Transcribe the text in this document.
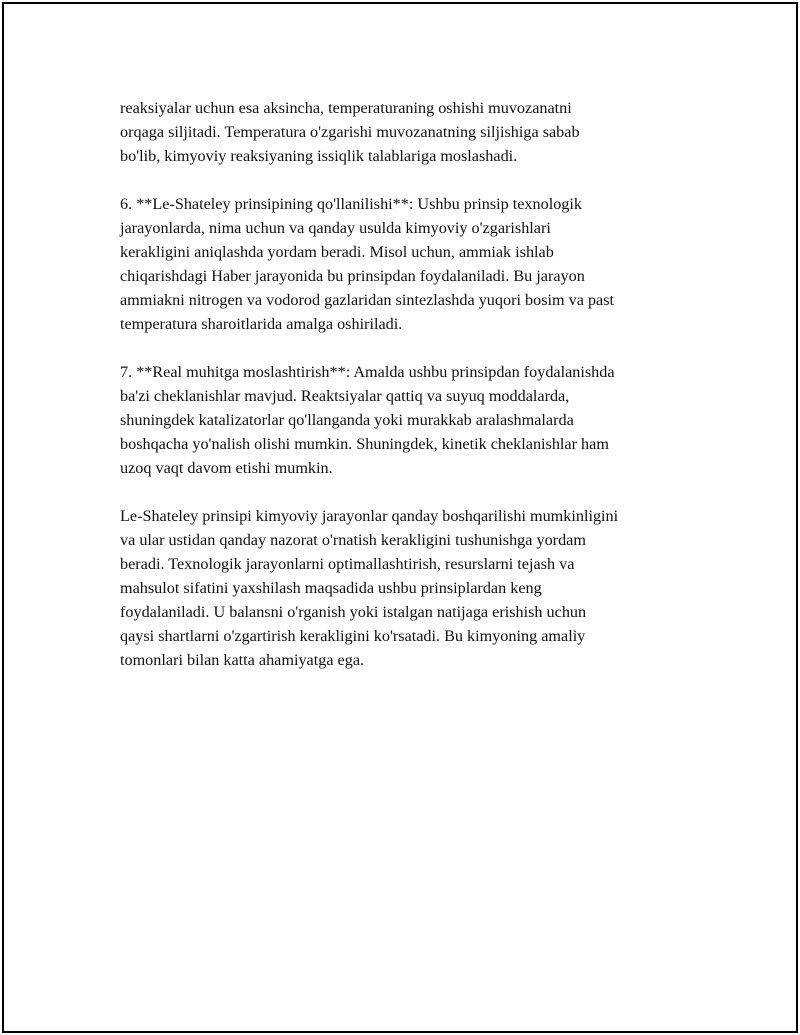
reaksiyalar uchun esa aksincha, temperaturaning oshishi muvozanatni
orqaga siljitadi. Temperatura o'zgarishi muvozanatning siljishiga sabab
bo'lib, kimyoviy reaksiyaning issiqlik talablariga moslashadi.

6. **Le-Shateley prinsipining qo'llanilishi**: Ushbu prinsip texnologik
jarayonlarda, nima uchun va qanday usulda kimyoviy o'zgarishlari
kerakligini aniqlashda yordam beradi. Misol uchun, ammiak ishlab
chiqarishdagi Haber jarayonida bu prinsipdan foydalaniladi. Bu jarayon
ammiakni nitrogen va vodorod gazlaridan sintezlashda yuqori bosim va past
temperatura sharoitlarida amalga oshiriladi.

7. **Real muhitga moslashtirish**: Amalda ushbu prinsipdan foydalanishda
ba'zi cheklanishlar mavjud. Reaktsiyalar qattiq va suyuq moddalarda,
shuningdek katalizatorlar qo'llanganda yoki murakkab aralashmalarda
boshqacha yo'nalish olishi mumkin. Shuningdek, kinetik cheklanishlar ham
uzoq vaqt davom etishi mumkin.

Le-Shateley prinsipi kimyoviy jarayonlar qanday boshqarilishi mumkinligini
va ular ustidan qanday nazorat o'rnatish kerakligini tushunishga yordam
beradi. Texnologik jarayonlarni optimallashtirish, resurslarni tejash va
mahsulot sifatini yaxshilash maqsadida ushbu prinsiplardan keng
foydalaniladi. U balansni o'rganish yoki istalgan natijaga erishish uchun
qaysi shartlarni o'zgartirish kerakligini ko'rsatadi. Bu kimyoning amaliy
tomonlari bilan katta ahamiyatga ega.
